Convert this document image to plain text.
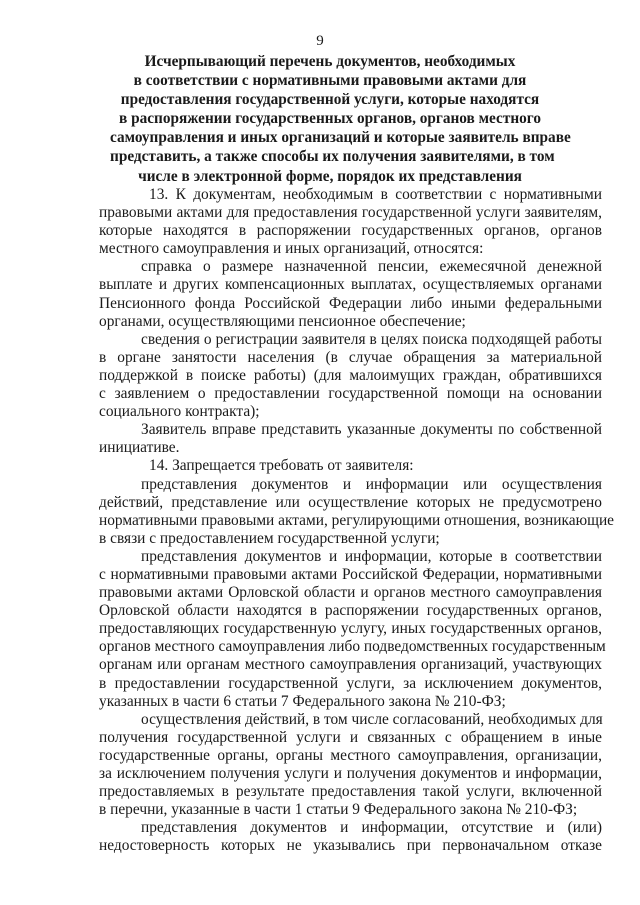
9
Исчерпывающий перечень документов, необходимых
в соответствии с нормативными правовыми актами для
предоставления государственной услуги, которые находятся
в распоряжении государственных органов, органов местного
самоуправления и иных организаций и которые заявитель вправе
представить, а также способы их получения заявителями, в том
числе в электронной форме, порядок их представления

13. К документам, необходимым в соответствии с нормативными
правовыми актами для предоставления государственной услуги заявителям,
которые находятся в распоряжении государственных органов, органов
местного самоуправления и иных организаций, относятся:

справка о размере назначенной пенсии, ежемесячной денежной
выплате и других компенсационных выплатах, осуществляемых органами
Пенсионного фонда Российской Федерации либо иными федеральными
органами, осуществляющими пенсионное обеспечение;

сведения о регистрации заявителя в целях поиска подходящей работы
в органе занятости населения (в случае обращения за материальной
поддержкой в поиске работы) (для малоимущих граждан, обратившихся
с заявлением о предоставлении государственной помощи на основании
социального контракта);

Заявитель вправе представить указанные документы по собственной
инициативе.

14. Запрещается требовать от заявителя:

представления документов и информации или осуществления
действий, представление или осуществление которых не предусмотрено
нормативными правовыми актами, регулирующими отношения, возникающие
в связи с предоставлением государственной услуги;

представления документов и информации, которые в соответствии
с нормативными правовыми актами Российской Федерации, нормативными
правовыми актами Орловской области и органов местного самоуправления
Орловской области находятся в распоряжении государственных органов,
предоставляющих государственную услугу, иных государственных органов,
органов местного самоуправления либо подведомственных государственным
органам или органам местного самоуправления организаций, участвующих
в предоставлении государственной услуги, за исключением документов,
указанных в части 6 статьи 7 Федерального закона № 210-ФЗ;

осуществления действий, в том числе согласований, необходимых для
получения государственной услуги и связанных с обращением в иные
государственные органы, органы местного самоуправления, организации,
за исключением получения услуги и получения документов и информации,
предоставляемых в результате предоставления такой услуги, включенной
в перечни, указанные в части 1 статьи 9 Федерального закона № 210-ФЗ;

представления документов и информации, отсутствие и (или)
недостоверность которых не указывались при первоначальном отказе
